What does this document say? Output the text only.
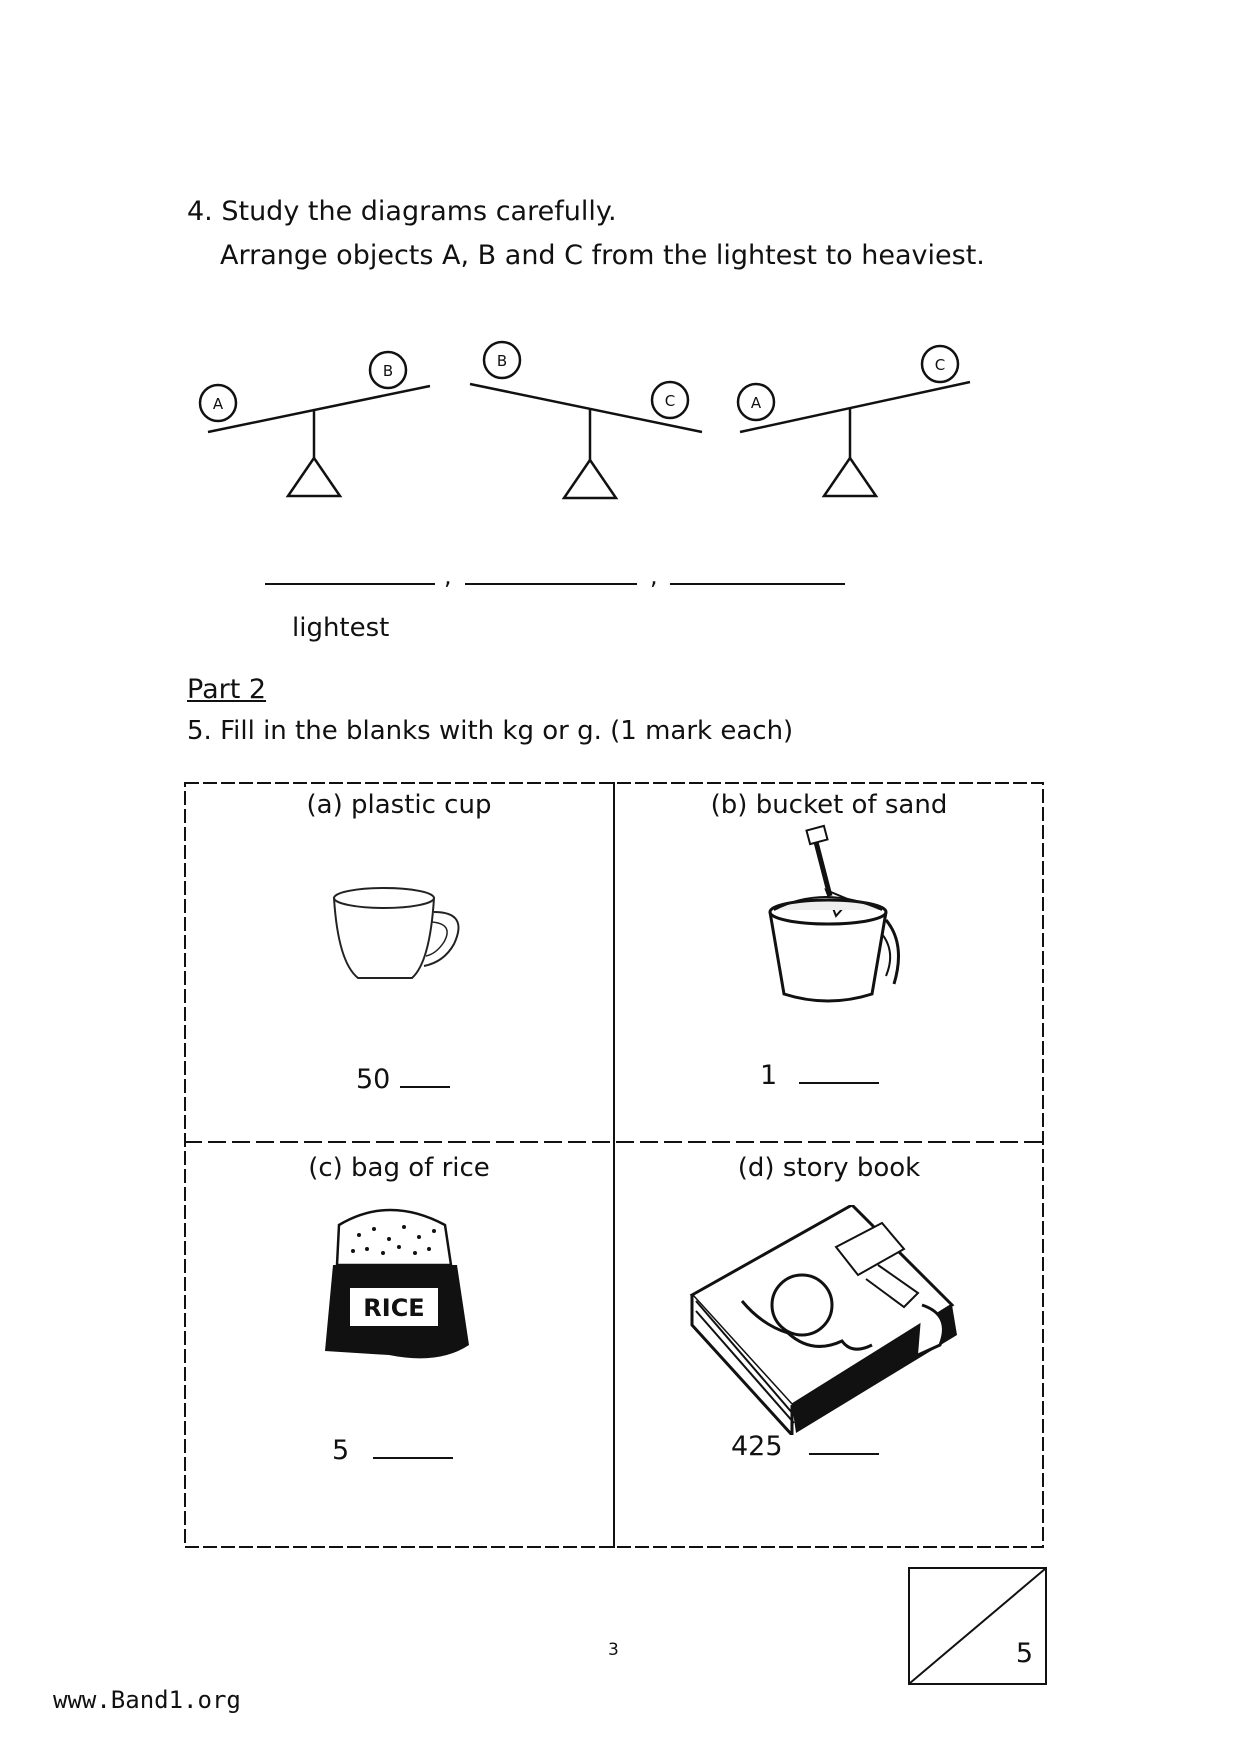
4. Study the diagrams carefully.
Arrange objects A, B and C from the lightest to heaviest.
A
B
B
C	A
C
,	,
lightest
Part 2
5. Fill in the blanks with kg or g. (1 mark each)
(a) plastic cup
50
(b) bucket of sand
1
(c) bag of rice
RICE
5
(d) story book
425
5
3
www.Band1.org
